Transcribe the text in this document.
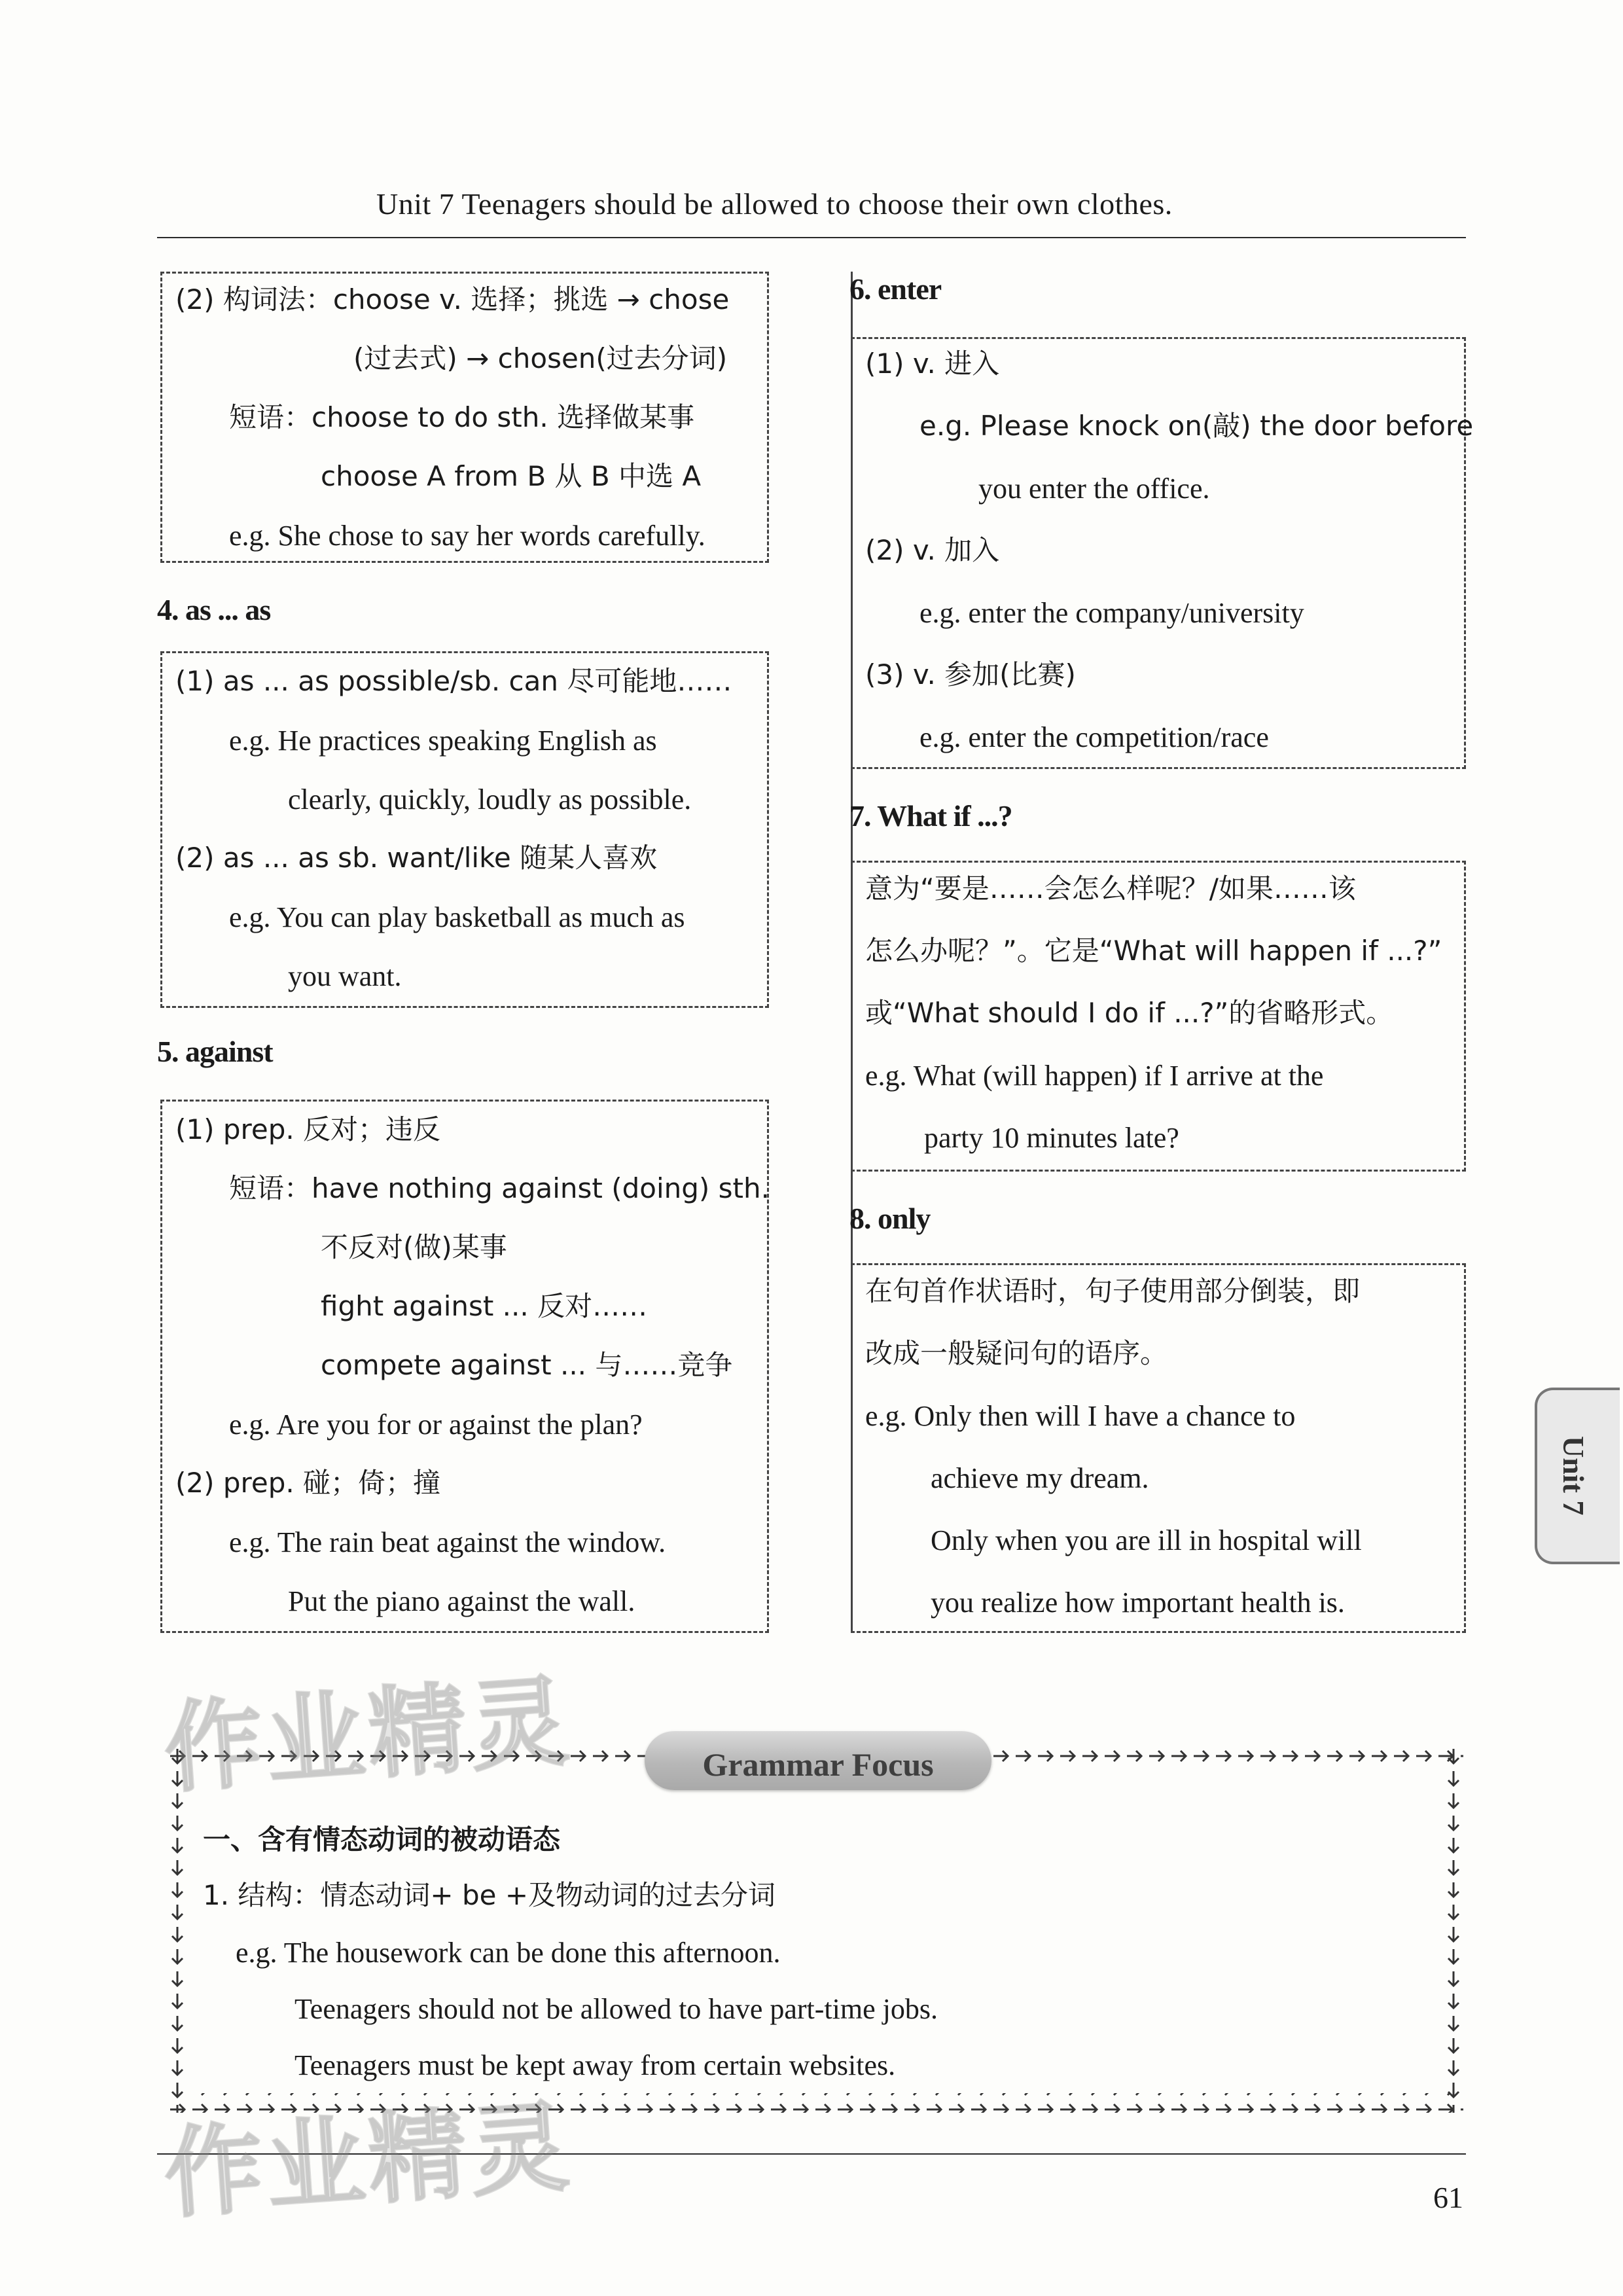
Unit 7 Teenagers should be allowed to choose their own clothes.
(2) 构词法：choose v. 选择；挑选 → chose
(过去式) → chosen(过去分词)
短语：choose to do sth. 选择做某事
choose A from B 从 B 中选 A
e.g. She chose to say her words carefully.
4. as ... as
(1) as ... as possible/sb. can 尽可能地……
e.g. He practices speaking English as
clearly, quickly, loudly as possible.
(2) as ... as sb. want/like 随某人喜欢
e.g. You can play basketball as much as
you want.
5. against
(1) prep. 反对；违反
短语：have nothing against (doing) sth.
不反对(做)某事
fight against ... 反对……
compete against ... 与……竞争
e.g. Are you for or against the plan?
(2) prep. 碰；倚；撞
e.g. The rain beat against the window.
Put the piano against the wall.
6. enter
(1) v. 进入
e.g. Please knock on(敲) the door before
you enter the office.
(2) v. 加入
e.g. enter the company/university
(3) v. 参加(比赛)
e.g. enter the competition/race
7. What if ...?
意为“要是……会怎么样呢？/如果……该
怎么办呢？”。它是“What will happen if ...?”
或“What should I do if ...?”的省略形式。
e.g. What (will happen) if I arrive at the
party 10 minutes late?
8. only
在句首作状语时，句子使用部分倒装，即
改成一般疑问句的语序。
e.g. Only then will I have a chance to
achieve my dream.
Only when you are ill in hospital will
you realize how important health is.
Unit 7
Grammar Focus
一、含有情态动词的被动语态
1. 结构：情态动词+ be +及物动词的过去分词
e.g. The housework can be done this afternoon.
Teenagers should not be allowed to have part-time jobs.
Teenagers must be kept away from certain websites.
61
作业精灵
作业精灵
